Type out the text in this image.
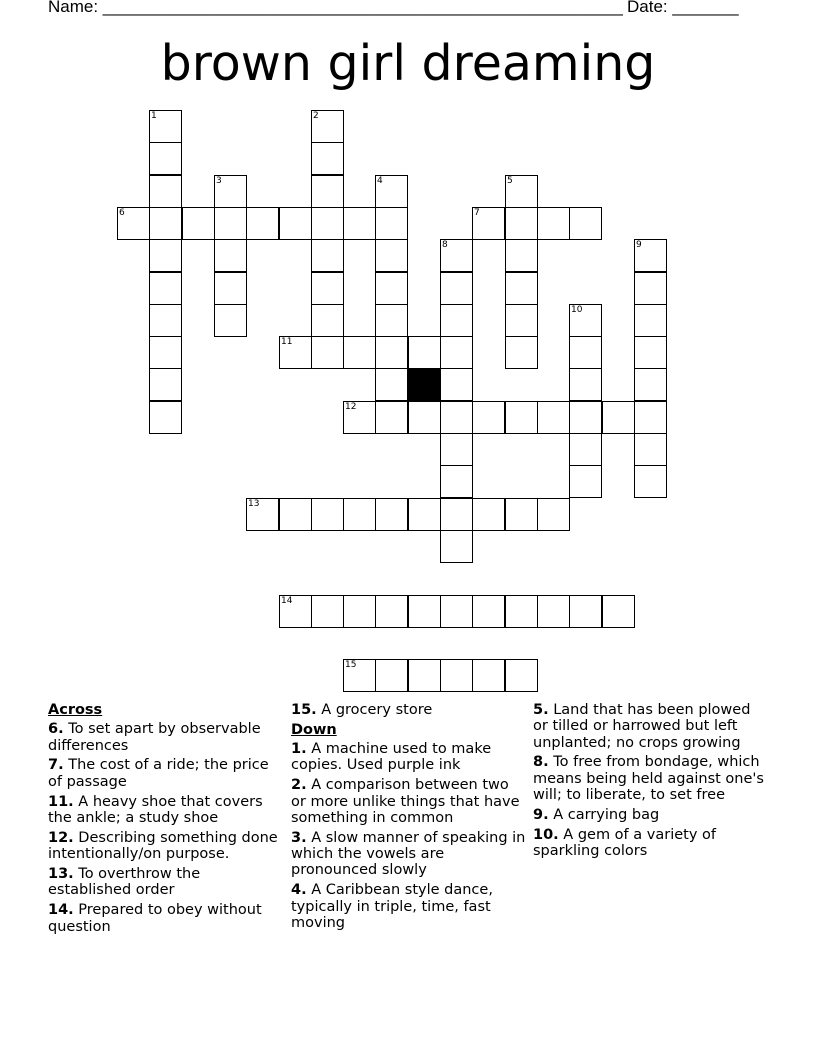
Name: _______________________________________________________ Date: _______
brown girl dreaming
1	2
3	4	5
6	7
8	9
10
11
12
13
14
15
Across
6. To set apart by observable differences
7. The cost of a ride; the price of passage
11. A heavy shoe that covers the ankle; a study shoe
12. Describing something done intentionally/on purpose.
13. To overthrow the established order
14. Prepared to obey without question
15. A grocery store
Down
1. A machine used to make copies. Used purple ink
2. A comparison between two or more unlike things that have something in common
3. A slow manner of speaking in which the vowels are pronounced slowly
4. A Caribbean style dance, typically in triple, time, fast moving
5. Land that has been plowed or tilled or harrowed but left unplanted; no crops growing
8. To free from bondage, which means being held against one's will; to liberate, to set free
9. A carrying bag
10. A gem of a variety of sparkling colors
